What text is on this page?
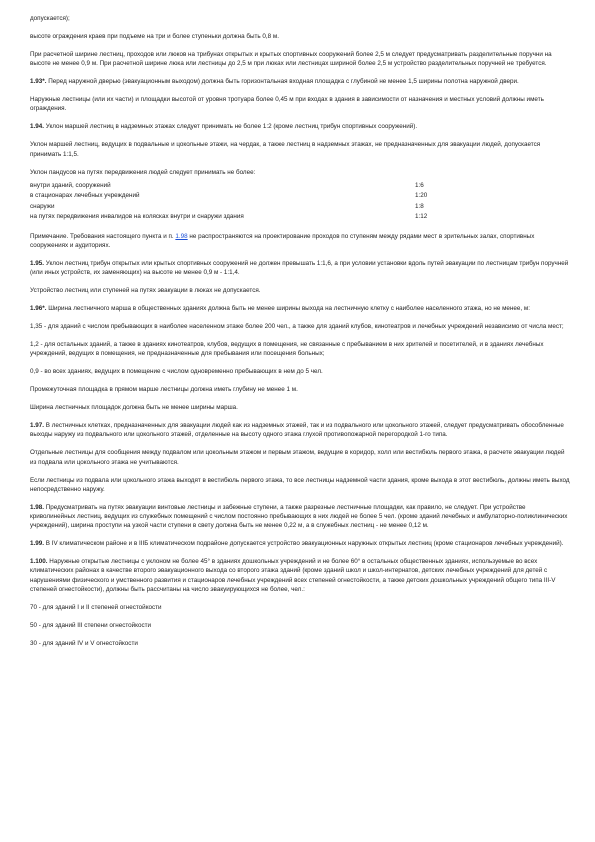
допускается);

высоте ограждения краев при подъеме на три и более ступеньки должна быть 0,8 м.

При расчетной ширине лестниц, проходов или люков на трибунах открытых и крытых спортивных сооружений более 2,5 м следует предусматривать разделительные поручни на высоте не менее 0,9 м. При расчетной ширине люка или лестницы до 2,5 м при люках или лестницах шириной более 2,5 м устройство разделительных поручней не требуется.

1.93*. Перед наружной дверью (эвакуационным выходом) должна быть горизонтальная входная площадка с глубиной не менее 1,5 ширины полотна наружной двери.

Наружные лестницы (или их части) и площадки высотой от уровня тротуара более 0,45 м при входах в здания в зависимости от назначения и местных условий должны иметь ограждения.

1.94. Уклон маршей лестниц в надземных этажах следует принимать не более 1:2 (кроме лестниц трибун спортивных сооружений).

Уклон маршей лестниц, ведущих в подвальные и цокольные этажи, на чердак, а также лестниц в надземных этажах, не предназначенных для эвакуации людей, допускается принимать 1:1,5.

Уклон пандусов на путях передвижения людей следует принимать не более:

внутри зданий, сооружений	1:6
в стационарах лечебных учреждений	1:20
снаружи	1:8
на путях передвижения инвалидов на колясках внутри и снаружи здания	1:12

Примечание. Требования настоящего пункта и п. 1.98 не распространяются на проектирование проходов по ступеням между рядами мест в зрительных залах, спортивных сооружениях и аудиториях.

1.95. Уклон лестниц трибун открытых или крытых спортивных сооружений не должен превышать 1:1,6, а при условии установки вдоль путей эвакуации по лестницам трибун поручней (или иных устройств, их заменяющих) на высоте не менее 0,9 м - 1:1,4.

Устройство лестниц или ступеней на путях эвакуации в люках не допускается.

1.96*. Ширина лестничного марша в общественных зданиях должна быть не менее ширины выхода на лестничную клетку с наиболее населенного этажа, но не менее, м:

1,35 - для зданий с числом пребывающих в наиболее населенном этаже более 200 чел., а также для зданий клубов, кинотеатров и лечебных учреждений независимо от числа мест;

1,2 - для остальных зданий, а также в зданиях кинотеатров, клубов, ведущих в помещения, не связанные с пребыванием в них зрителей и посетителей, и в зданиях лечебных учреждений, ведущих в помещения, не предназначенные для пребывания или посещения больных;

0,9 - во всех зданиях, ведущих в помещение с числом одновременно пребывающих в нем до 5 чел.

Промежуточная площадка в прямом марше лестницы должна иметь глубину не менее 1 м.

Ширина лестничных площадок должна быть не менее ширины марша.

1.97. В лестничных клетках, предназначенных для эвакуации людей как из надземных этажей, так и из подвального или цокольного этажей, следует предусматривать обособленные выходы наружу из подвального или цокольного этажей, отделенные на высоту одного этажа глухой противопожарной перегородкой 1-го типа.

Отдельные лестницы для сообщения между подвалом или цокольным этажом и первым этажом, ведущие в коридор, холл или вестибюль первого этажа, в расчете эвакуации людей из подвала или цокольного этажа не учитываются.

Если лестницы из подвала или цокольного этажа выходят в вестибюль первого этажа, то все лестницы надземной части здания, кроме выхода в этот вестибюль, должны иметь выход непосредственно наружу.

1.98. Предусматривать на путях эвакуации винтовые лестницы и забежные ступени, а также разрезные лестничные площадки, как правило, не следует. При устройстве криволинейных лестниц, ведущих из служебных помещений с числом постоянно пребывающих в них людей не более 5 чел. (кроме зданий лечебных и амбулаторно-поликлинических учреждений), ширина проступи на узкой части ступени в свету должна быть не менее 0,22 м, а в служебных лестниц - не менее 0,12 м.

1.99. В IV климатическом районе и в IIIБ климатическом подрайоне допускается устройство эвакуационных наружных открытых лестниц (кроме стационаров лечебных учреждений).

1.100. Наружные открытые лестницы с уклоном не более 45° в зданиях дошкольных учреждений и не более 60° в остальных общественных зданиях, используемые во всех климатических районах в качестве второго эвакуационного выхода со второго этажа зданий (кроме зданий школ и школ-интернатов, детских лечебных учреждений для детей с нарушениями физического и умственного развития и стационаров лечебных учреждений всех степеней огнестойкости, а также детских дошкольных учреждений общего типа III-V степеней огнестойкости), должны быть рассчитаны на число эвакуирующихся не более, чел.:

70 - для зданий I и II степеней огнестойкости

50 - для зданий III степени огнестойкости

30 - для зданий IV и V огнестойкости
